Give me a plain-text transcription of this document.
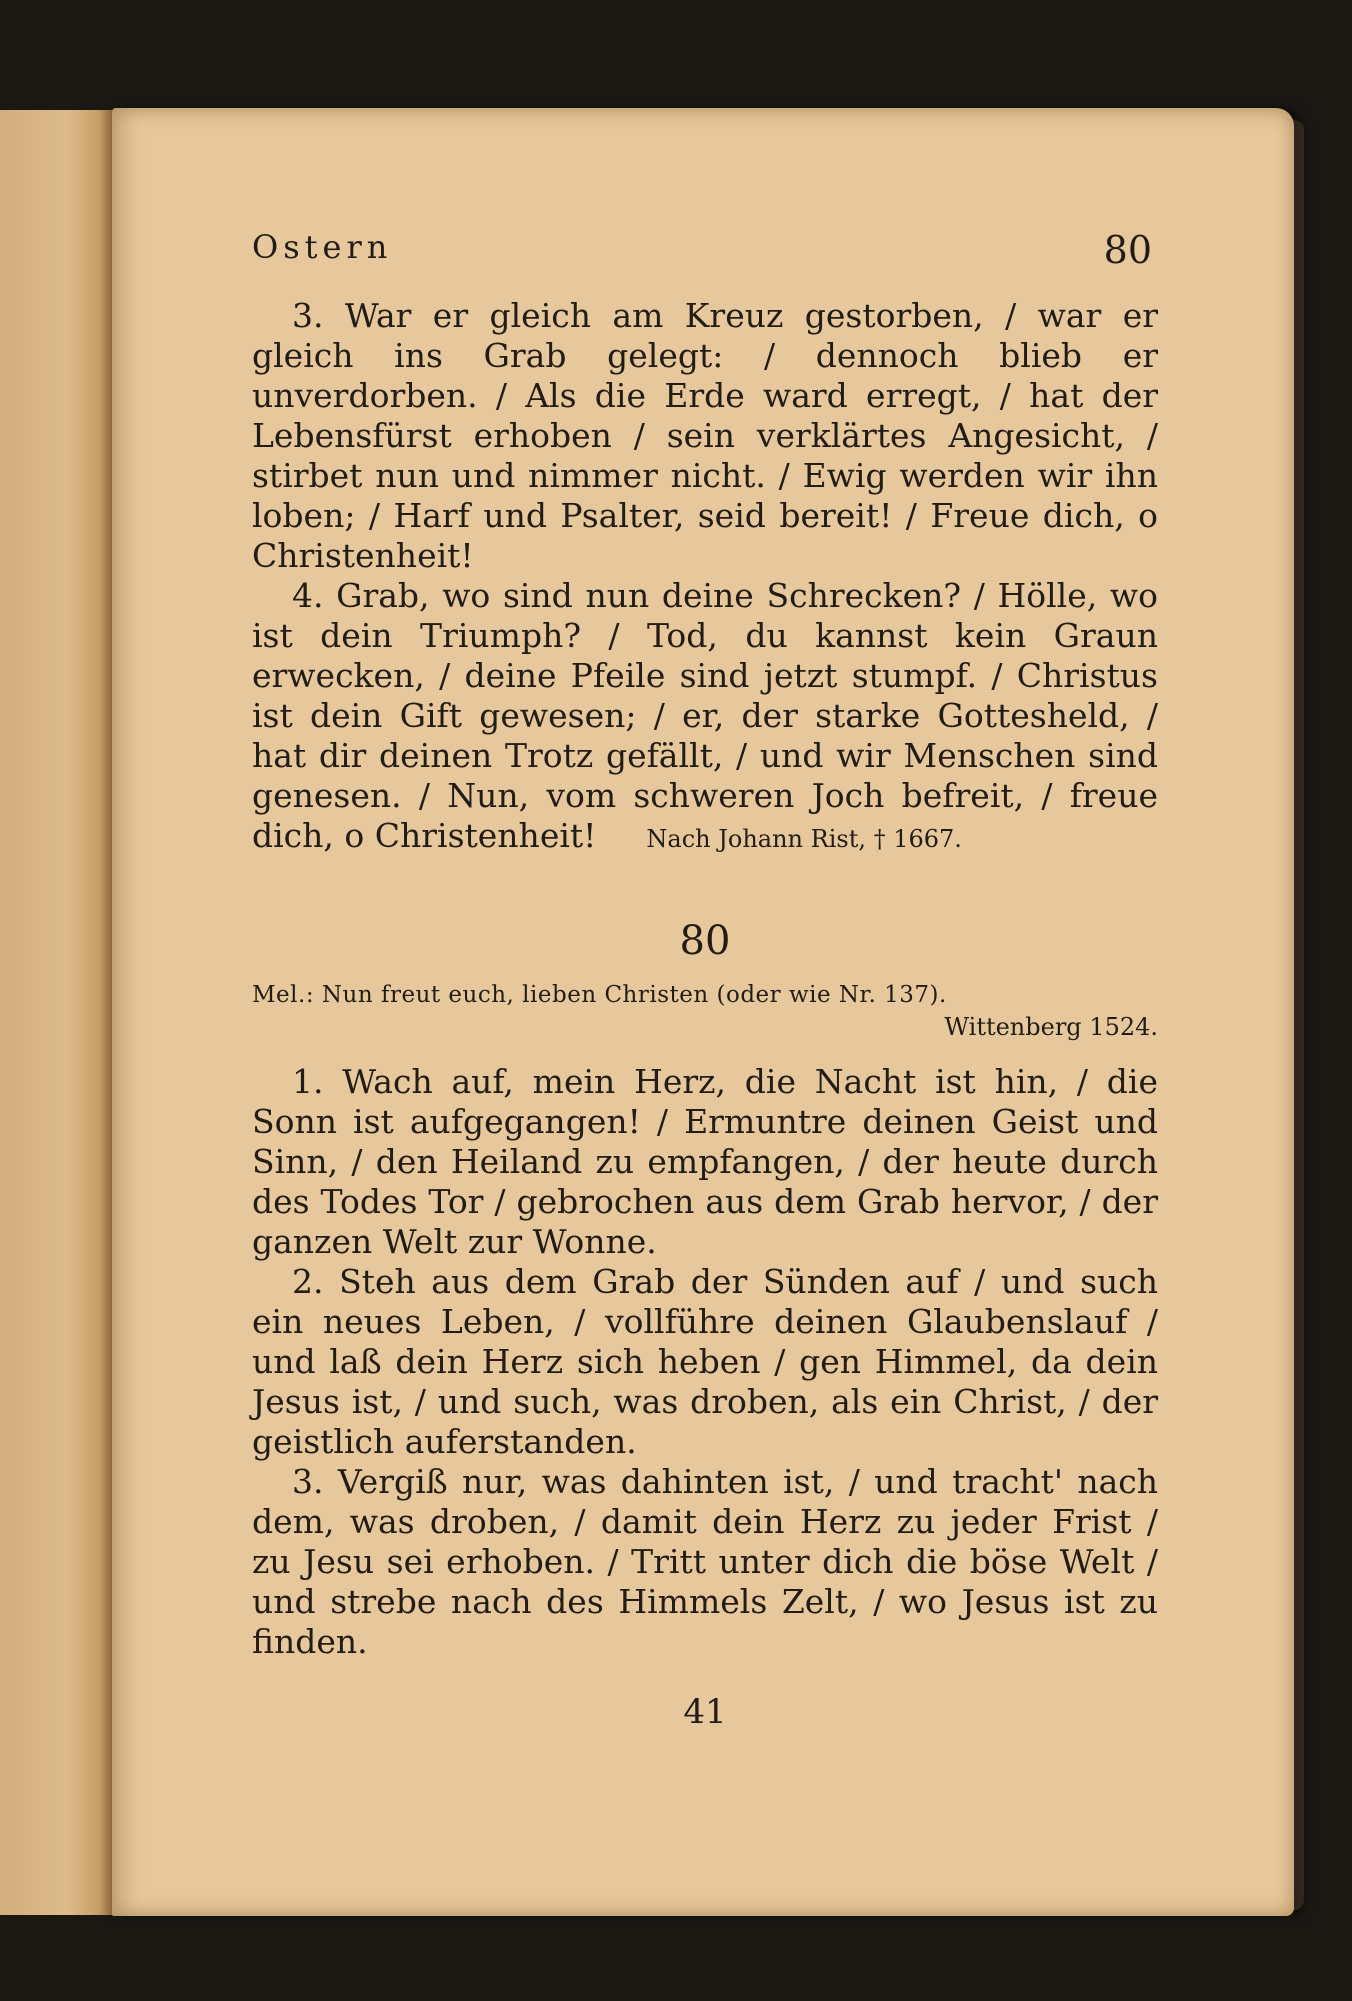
Ostern	80

3. War er gleich am Kreuz gestorben, / war er gleich ins Grab gelegt: / dennoch blieb er unverdorben. / Als die Erde ward erregt, / hat der Lebensfürst erhoben / sein verklärtes Angesicht, / stirbet nun und nimmer nicht. / Ewig werden wir ihn loben; / Harf und Psalter, seid bereit! / Freue dich, o Christenheit!

4. Grab, wo sind nun deine Schrecken? / Hölle, wo ist dein Triumph? / Tod, du kannst kein Graun erwecken, / deine Pfeile sind jetzt stumpf. / Christus ist dein Gift gewesen; / er, der starke Gottesheld, / hat dir deinen Trotz gefällt, / und wir Menschen sind genesen. / Nun, vom schweren Joch befreit, / freue dich, o Christenheit! Nach Johann Rist, † 1667.

80
Mel.: Nun freut euch, lieben Christen (oder wie Nr. 137).
Wittenberg 1524.

1. Wach auf, mein Herz, die Nacht ist hin, / die Sonn ist aufgegangen! / Ermuntre deinen Geist und Sinn, / den Heiland zu empfangen, / der heute durch des Todes Tor / gebrochen aus dem Grab hervor, / der ganzen Welt zur Wonne.

2. Steh aus dem Grab der Sünden auf / und such ein neues Leben, / vollführe deinen Glaubenslauf / und laß dein Herz sich heben / gen Himmel, da dein Jesus ist, / und such, was droben, als ein Christ, / der geistlich auferstanden.

3. Vergiß nur, was dahinten ist, / und tracht' nach dem, was droben, / damit dein Herz zu jeder Frist / zu Jesu sei erhoben. / Tritt unter dich die böse Welt / und strebe nach des Himmels Zelt, / wo Jesus ist zu finden.

41
